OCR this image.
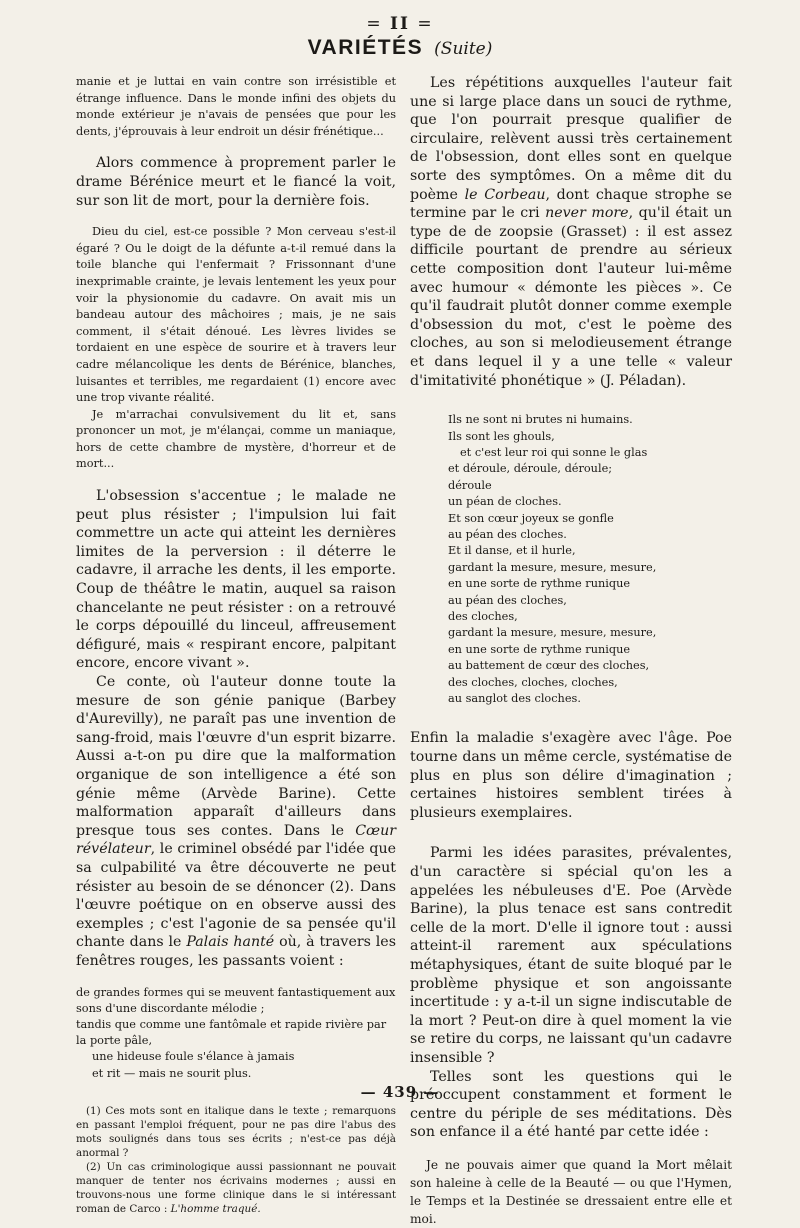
= II =
VARIÉTÉS (Suite)

manie et je luttai en vain contre son irrésistible et étrange influence. Dans le monde infini des objets du monde extérieur je n'avais de pensées que pour les dents, j'éprouvais à leur endroit un désir frénétique...

Alors commence à proprement parler le drame Bérénice meurt et le fiancé la voit, sur son lit de mort, pour la dernière fois.

Dieu du ciel, est-ce possible ? Mon cerveau s'est-il égaré ? Ou le doigt de la défunte a-t-il remué dans la toile blanche qui l'enfermait ? Frissonnant d'une inexprimable crainte, je levais lentement les yeux pour voir la physionomie du cadavre. On avait mis un bandeau autour des mâchoires ; mais, je ne sais comment, il s'était dénoué. Les lèvres livides se tordaient en une espèce de sourire et à travers leur cadre mélancolique les dents de Bérénice, blanches, luisantes et terribles, me regardaient (1) encore avec une trop vivante réalité.

Je m'arrachai convulsivement du lit et, sans prononcer un mot, je m'élançai, comme un maniaque, hors de cette chambre de mystère, d'horreur et de mort...

L'obsession s'accentue ; le malade ne peut plus résister ; l'impulsion lui fait commettre un acte qui atteint les dernières limites de la perversion : il déterre le cadavre, il arrache les dents, il les emporte. Coup de théâtre le matin, auquel sa raison chancelante ne peut résister : on a retrouvé le corps dépouillé du linceul, affreusement défiguré, mais « respirant encore, palpitant encore, encore vivant ».

Ce conte, où l'auteur donne toute la mesure de son génie panique (Barbey d'Aurevilly), ne paraît pas une invention de sang-froid, mais l'œuvre d'un esprit bizarre. Aussi a-t-on pu dire que la malformation organique de son intelligence a été son génie même (Arvède Barine). Cette malformation apparaît d'ailleurs dans presque tous ses contes. Dans le Cœur révélateur, le criminel obsédé par l'idée que sa culpabilité va être découverte ne peut résister au besoin de se dénoncer (2). Dans l'œuvre poétique on en observe aussi des exemples ; c'est l'agonie de sa pensée qu'il chante dans le Palais hanté où, à travers les fenêtres rouges, les passants voient :

de grandes formes qui se meuvent fantastiquement aux sons d'une discordante mélodie ;

tandis que comme une fantômale et rapide rivière par la porte pâle,

une hideuse foule s'élance à jamais

et rit — mais ne sourit plus.

(1) Ces mots sont en italique dans le texte ; remarquons en passant l'emploi fréquent, pour ne pas dire l'abus des mots soulignés dans tous ses écrits ; n'est-ce pas déjà anormal ?

(2) Un cas criminologique aussi passionnant ne pouvait manquer de tenter nos écrivains modernes ; aussi en trouvons-nous une forme clinique dans le si intéressant roman de Carco : L'homme traqué.

Les répétitions auxquelles l'auteur fait une si large place dans un souci de rythme, que l'on pourrait presque qualifier de circulaire, relèvent aussi très certainement de l'obsession, dont elles sont en quelque sorte des symptômes. On a même dit du poème le Corbeau, dont chaque strophe se termine par le cri never more, qu'il était un type de de zoopsie (Grasset) : il est assez difficile pourtant de prendre au sérieux cette composition dont l'auteur lui-même avec humour « démonte les pièces ». Ce qu'il faudrait plutôt donner comme exemple d'obsession du mot, c'est le poème des cloches, au son si melodieusement étrange et dans lequel il y a une telle « valeur d'imitativité phonétique » (J. Péladan).

Ils ne sont ni brutes ni humains.
Ils sont les ghouls,
et c'est leur roi qui sonne le glas
et déroule, déroule, déroule;
déroule
un péan de cloches.
Et son cœur joyeux se gonfle
au péan des cloches.
Et il danse, et il hurle,
gardant la mesure, mesure, mesure,
en une sorte de rythme runique
au péan des cloches,
des cloches,
gardant la mesure, mesure, mesure,
en une sorte de rythme runique
au battement de cœur des cloches,
des cloches, cloches, cloches,
au sanglot des cloches.

Enfin la maladie s'exagère avec l'âge. Poe tourne dans un même cercle, systématise de plus en plus son délire d'imagination ; certaines histoires semblent tirées à plusieurs exemplaires.

Parmi les idées parasites, prévalentes, d'un caractère si spécial qu'on les a appelées les nébuleuses d'E. Poe (Arvède Barine), la plus tenace est sans contredit celle de la mort. D'elle il ignore tout : aussi atteint-il rarement aux spéculations métaphysiques, étant de suite bloqué par le problème physique et son angoissante incertitude : y a-t-il un signe indiscutable de la mort ? Peut-on dire à quel moment la vie se retire du corps, ne laissant qu'un cadavre insensible ?

Telles sont les questions qui le préoccupent constamment et forment le centre du périple de ses méditations. Dès son enfance il a été hanté par cette idée :

Je ne pouvais aimer que quand la Mort mêlait son haleine à celle de la Beauté — ou que l'Hymen, le Temps et la Destinée se dressaient entre elle et moi.

— 439 —
